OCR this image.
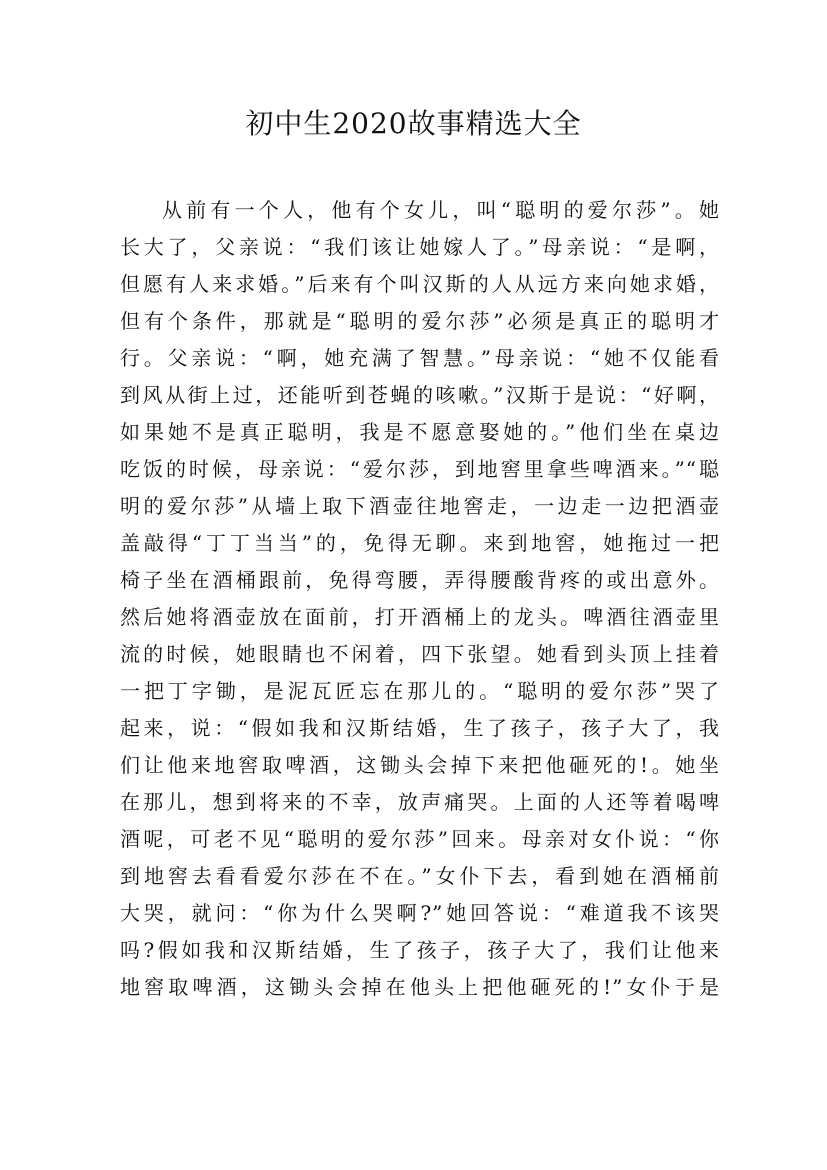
初中生2020故事精选大全
从前有一个人，他有个女儿，叫“聪明的爱尔莎”。她
长大了，父亲说：“我们该让她嫁人了。”母亲说：“是啊，
但愿有人来求婚。”后来有个叫汉斯的人从远方来向她求婚，
但有个条件，那就是“聪明的爱尔莎”必须是真正的聪明才
行。父亲说：“啊，她充满了智慧。”母亲说：“她不仅能看
到风从街上过，还能听到苍蝇的咳嗽。”汉斯于是说：“好啊，
如果她不是真正聪明，我是不愿意娶她的。”他们坐在桌边
吃饭的时候，母亲说：“爱尔莎，到地窖里拿些啤酒来。”“聪
明的爱尔莎”从墙上取下酒壶往地窖走，一边走一边把酒壶
盖敲得“丁丁当当”的，免得无聊。来到地窖，她拖过一把
椅子坐在酒桶跟前，免得弯腰，弄得腰酸背疼的或出意外。
然后她将酒壶放在面前，打开酒桶上的龙头。啤酒往酒壶里
流的时候，她眼睛也不闲着，四下张望。她看到头顶上挂着
一把丁字锄，是泥瓦匠忘在那儿的。“聪明的爱尔莎”哭了
起来，说：“假如我和汉斯结婚，生了孩子，孩子大了，我
们让他来地窖取啤酒，这锄头会掉下来把他砸死的!。她坐
在那儿，想到将来的不幸，放声痛哭。上面的人还等着喝啤
酒呢，可老不见“聪明的爱尔莎”回来。母亲对女仆说：“你
到地窖去看看爱尔莎在不在。”女仆下去，看到她在酒桶前
大哭，就问：“你为什么哭啊?”她回答说：“难道我不该哭
吗?假如我和汉斯结婚，生了孩子，孩子大了，我们让他来
地窖取啤酒，这锄头会掉在他头上把他砸死的!”女仆于是
